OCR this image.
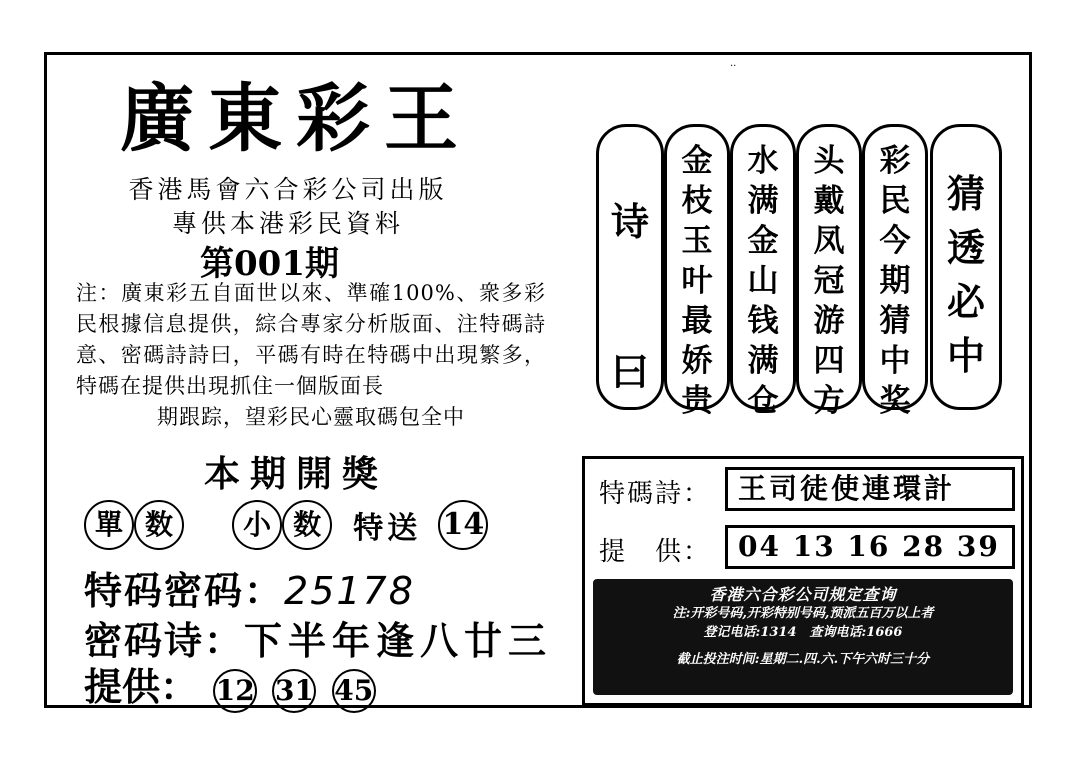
..
廣東彩王
香港馬會六合彩公司出版
專供本港彩民資料
第001期
注：廣東彩五自面世以來、準確100%、衆多彩民根據信息提供，綜合專家分析版面、注特碼詩意、密碼詩詩曰，平碼有時在特碼中出現繁多，特碼在提供出現抓住一個版面長
期跟踪，望彩民心靈取碼包全中
本期開獎
單 数	小 数 特送 14
特码密码：25178
密码诗：下半年逢八廿三
提供： 12 31 45
诗曰
金枝玉叶最娇贵
水满金山钱满仓
头戴凤冠游四方
彩民今期猜中奖
猜透必中
特碼詩： 王司徒使連環計
提　供： 04 13 16 28 39
香港六合彩公司规定查询
注:开彩号码,开彩特别号码,预派五百万以上者
登记电话:1314　查询电话:1666
截止投注时间:星期二.四.六.下午六时三十分
